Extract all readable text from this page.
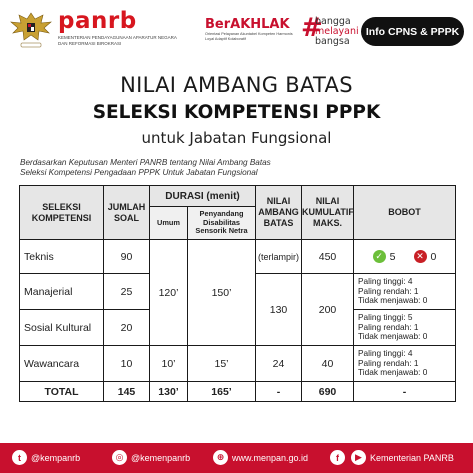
panrb
KEMENTERIAN PENDAYAGUNAAN APARATUR NEGARA DAN REFORMASI BIROKRASI
BerAKHLAK
Orientasi Pelayanan Akuntabel Kompeten Harmonis Loyal Adaptif Kolaboratif	#
bangga
melayani
bangsa
Info CPNS & PPPK
NILAI AMBANG BATAS
SELEKSI KOMPETENSI PPPK
untuk Jabatan Fungsional
Berdasarkan Keputusan Menteri PANRB tentang Nilai Ambang Batas
Seleksi Kompetensi Pengadaan PPPK Untuk Jabatan Fungsional
SELEKSI KOMPETENSI	JUMLAH SOAL	DURASI (menit)		NILAI AMBANG BATAS	NILAI KUMULATIF MAKS.	BOBOT
		Umum	Penyandang Disabilitas Sensorik Netra			
Teknis	90	120’	150’	(terlampir)	450	✓ 5 ✕ 0

Manajerial	25			130	200	Paling tinggi: 4
Paling rendah: 1
Tidak menjawab: 0

Sosial Kultural	20					Paling tinggi: 5
Paling rendah: 1
Tidak menjawab: 0

Wawancara	10	10’	15’	24	40	Paling tinggi: 4
Paling rendah: 1
Tidak menjawab: 0

TOTAL	145	130’	165’	-	690	-
t	@kempanrb	◎ @kemenpanrb	⊕ www.menpan.go.id	f	▶ Kementerian PANRB
